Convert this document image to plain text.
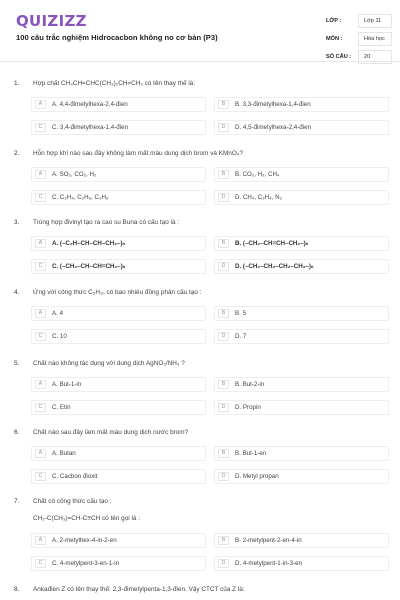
QUIZIZZ
100 câu trắc nghiệm Hidrocacbon không no cơ bản (P3)
LỚP :	Lớp 11
MÔN :	Hóa học
SỐ CÂU :	20
1. Hợp chất CH₃CH=CHC(CH₃)₂CH=CH₂ có tên thay thế là:
A	A. 4,4-đimetylhexa-2,4-đien	B	B. 3,3-đimetylhexa-1,4-đien
C	C. 3,4-đimetylhexa-1,4-đien	D	D. 4,5-đimetylhexa-2,4-đien
2. Hỗn hợp khí nào sau đây không làm mất màu dung dịch brom và KMnO₄?
A	A. SO₂, CO₂, H₂	B	B. CO₂, H₂, CH₄
C	C. C₂H₄, C₂H₆, C₃H₈	D	D. CH₄, C₂H₄, N₂
3. Trùng hợp đivinyl tạo ra cao su Buna có cấu tạo là :
A	A. (–C₂H–CH–CH–CH₂–)ₙ	B	B. (–CH₂–CH=CH–CH₂–)ₙ
C	C. (–CH₂–CH–CH=CH₂–)ₙ	D	D. (–CH₂–CH₂–CH₂–CH₂–)ₙ
4. Ứng với công thức C₅H₁₀ có bao nhiêu đồng phân cấu tạo :
A	A. 4	B	B. 5
C	C. 10	D	D. 7
5. Chất nào không tác dụng với dung dịch AgNO₃/NH₃ ?
A	A. But-1-in	B	B. But-2-in
C	C. Etin	D	D. Propin
6. Chất nào sau đây làm mất màu dung dịch nước brom?
A	A. Butan	B	B. But-1-en
C	C. Cacbon đioxit	D	D. Metyl propan
7. Chất có công thức cấu tạo :
CH₂-C(CH₃)=CH-C≡CH có tên gọi là :
A	A. 2-metylhex-4-in-2-en	B	B. 2-metylpent-2-en-4-in
C	C. 4-metylpent-3-en-1-in	D	D. 4-metylpent-1-in-3-en
8. Ankađien Z có tên thay thế: 2,3-đimetylpenta-1,3-đien. Vậy CTCT của Z là:
